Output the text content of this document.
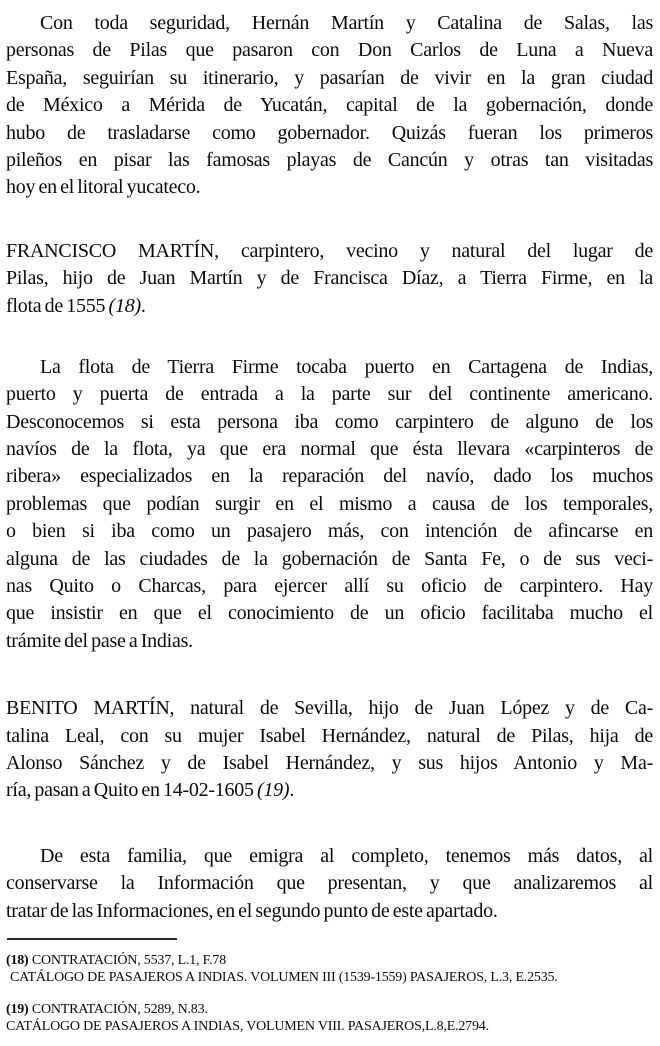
Con toda seguridad, Hernán Martín y Catalina de Salas, las
personas de Pilas que pasaron con Don Carlos de Luna a Nueva
España, seguirían su itinerario, y pasarían de vivir en la gran ciudad
de México a Mérida de Yucatán, capital de la gobernación, donde
hubo de trasladarse como gobernador. Quizás fueran los primeros
pileños en pisar las famosas playas de Cancún y otras tan visitadas
hoy en el litoral yucateco.
FRANCISCO MARTÍN, carpintero, vecino y natural del lugar de
Pilas, hijo de Juan Martín y de Francisca Díaz, a Tierra Firme, en la
flota de 1555 (18).
La flota de Tierra Firme tocaba puerto en Cartagena de Indias,
puerto y puerta de entrada a la parte sur del continente americano.
Desconocemos si esta persona iba como carpintero de alguno de los
navíos de la flota, ya que era normal que ésta llevara «carpinteros de
ribera» especializados en la reparación del navío, dado los muchos
problemas que podían surgir en el mismo a causa de los temporales,
o bien si iba como un pasajero más, con intención de afincarse en
alguna de las ciudades de la gobernación de Santa Fe, o de sus veci-
nas Quito o Charcas, para ejercer allí su oficio de carpintero. Hay
que insistir en que el conocimiento de un oficio facilitaba mucho el
trámite del pase a Indias.
BENITO MARTÍN, natural de Sevilla, hijo de Juan López y de Ca-
talina Leal, con su mujer Isabel Hernández, natural de Pilas, hija de
Alonso Sánchez y de Isabel Hernández, y sus hijos Antonio y Ma-
ría, pasan a Quito en 14-02-1605 (19).
De esta familia, que emigra al completo, tenemos más datos, al
conservarse la Información que presentan, y que analizaremos al
tratar de las Informaciones, en el segundo punto de este apartado.
(18) CONTRATACIÓN, 5537, L.1, F.78
CATÁLOGO DE PASAJEROS A INDIAS. VOLUMEN III (1539-1559) PASAJEROS, L.3, E.2535.
(19) CONTRATACIÓN, 5289, N.83.
CATÁLOGO DE PASAJEROS A INDIAS, VOLUMEN VIII. PASAJEROS,L.8,E.2794.
